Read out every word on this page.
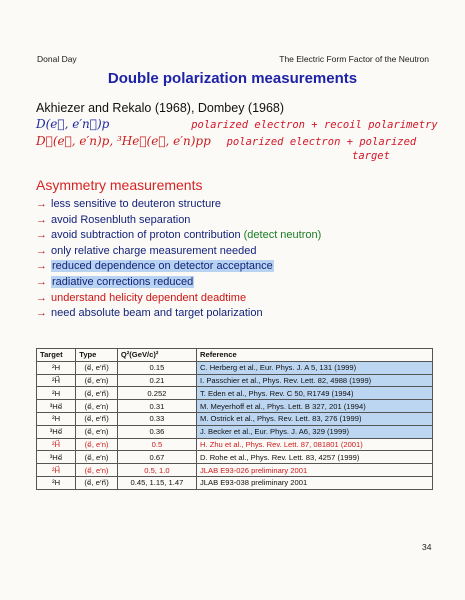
Donal Day	The Electric Form Factor of the Neutron
Double polarization measurements
Akhiezer and Rekalo (1968), Dombey (1968)
D(e⃗, e′n⃗)p	polarized electron + recoil polarimetry
D⃗(e⃗, e′n)p, ³He⃗(e⃗, e′n)pp polarized electron + polarized
target
Asymmetry measurements
→ less sensitive to deuteron structure
→ avoid Rosenbluth separation
→ avoid subtraction of proton contribution (detect neutron)
→ only relative charge measurement needed
→ reduced dependence on detector acceptance
→ radiative corrections reduced
→ understand helicity dependent deadtime
→ need absolute beam and target polarization
Target	Type	Q²(GeV/c)²	Reference
²H	(e⃗, e′n⃗)	0.15	C. Herberg et al., Eur. Phys. J. A 5, 131 (1999)
²H⃗	(e⃗, e′n)	0.21	I. Passchier et al., Phys. Rev. Lett. 82, 4988 (1999)
²H	(e⃗, e′n⃗)	0.252	T. Eden et al., Phys. Rev. C 50, R1749 (1994)
³He⃗	(e⃗, e′n)	0.31	M. Meyerhoff et al., Phys. Lett. B 327, 201 (1994)
²H	(e⃗, e′n⃗)	0.33	M. Ostrick et al., Phys. Rev. Lett. 83, 276 (1999)
³He⃗	(e⃗, e′n)	0.36	J. Becker et al., Eur. Phys. J. A6, 329 (1999)
²H⃗	(e⃗, e′n)	0.5	H. Zhu et al., Phys. Rev. Lett. 87, 081801 (2001)
³He⃗	(e⃗, e′n)	0.67	D. Rohe et al., Phys. Rev. Lett. 83, 4257 (1999)
²H⃗	(e⃗, e′n)	0.5, 1.0	JLAB E93-026 preliminary 2001
²H	(e⃗, e′n⃗)	0.45, 1.15, 1.47	JLAB E93-038 preliminary 2001
34
